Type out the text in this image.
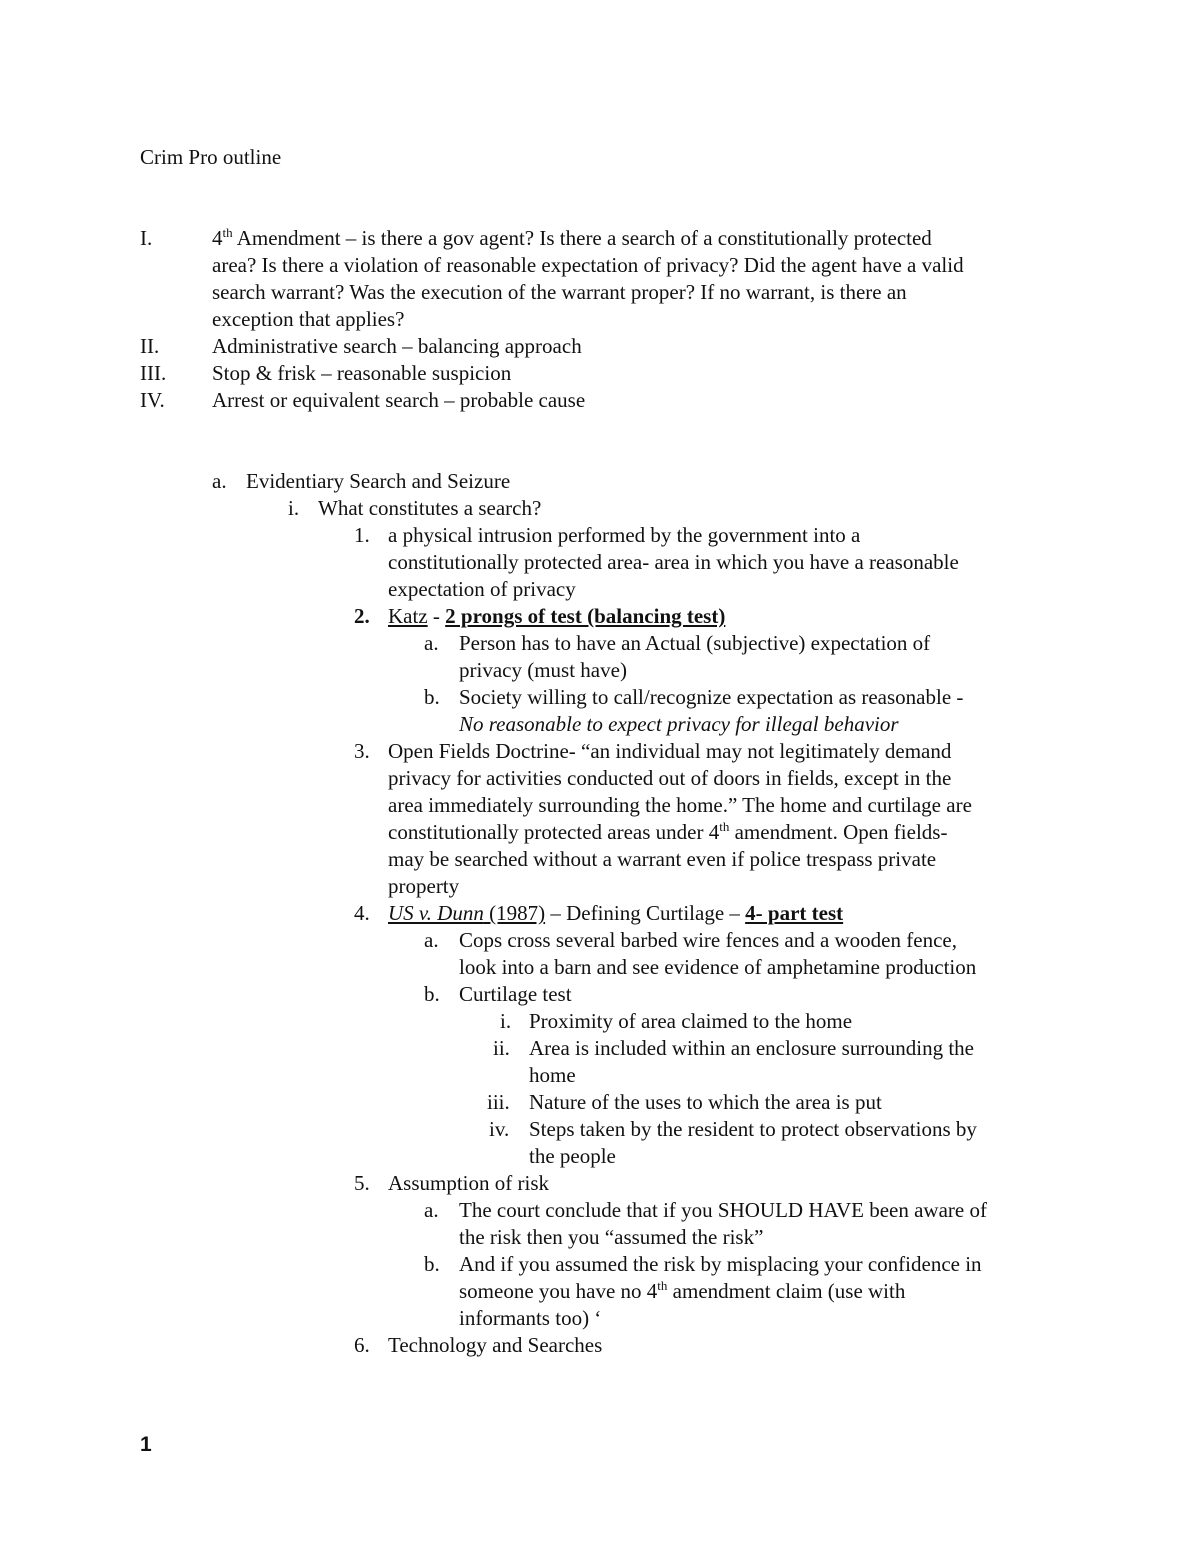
Crim Pro outline
I.	4th Amendment – is there a gov agent? Is there a search of a constitutionally protected
area? Is there a violation of reasonable expectation of privacy? Did the agent have a valid
search warrant? Was the execution of the warrant proper? If no warrant, is there an
exception that applies?
II.	Administrative search – balancing approach
III. Stop & frisk – reasonable suspicion
IV. Arrest or equivalent search – probable cause
a. Evidentiary Search and Seizure
i. What constitutes a search?
1. a physical intrusion performed by the government into a
constitutionally protected area- area in which you have a reasonable
expectation of privacy
2. Katz - 2 prongs of test (balancing test)
a. Person has to have an Actual (subjective) expectation of
privacy (must have)
b. Society willing to call/recognize expectation as reasonable -
No reasonable to expect privacy for illegal behavior
3. Open Fields Doctrine- “an individual may not legitimately demand
privacy for activities conducted out of doors in fields, except in the
area immediately surrounding the home.” The home and curtilage are
constitutionally protected areas under 4th amendment. Open fields-
may be searched without a warrant even if police trespass private
property
4. US v. Dunn (1987) – Defining Curtilage – 4- part test
a. Cops cross several barbed wire fences and a wooden fence,
look into a barn and see evidence of amphetamine production
b. Curtilage test
i. Proximity of area claimed to the home
ii. Area is included within an enclosure surrounding the
home
iii. Nature of the uses to which the area is put
iv. Steps taken by the resident to protect observations by
the people
5. Assumption of risk
a. The court conclude that if you SHOULD HAVE been aware of
the risk then you “assumed the risk”
b. And if you assumed the risk by misplacing your confidence in
someone you have no 4th amendment claim (use with
informants too) ‘
6. Technology and Searches
1
